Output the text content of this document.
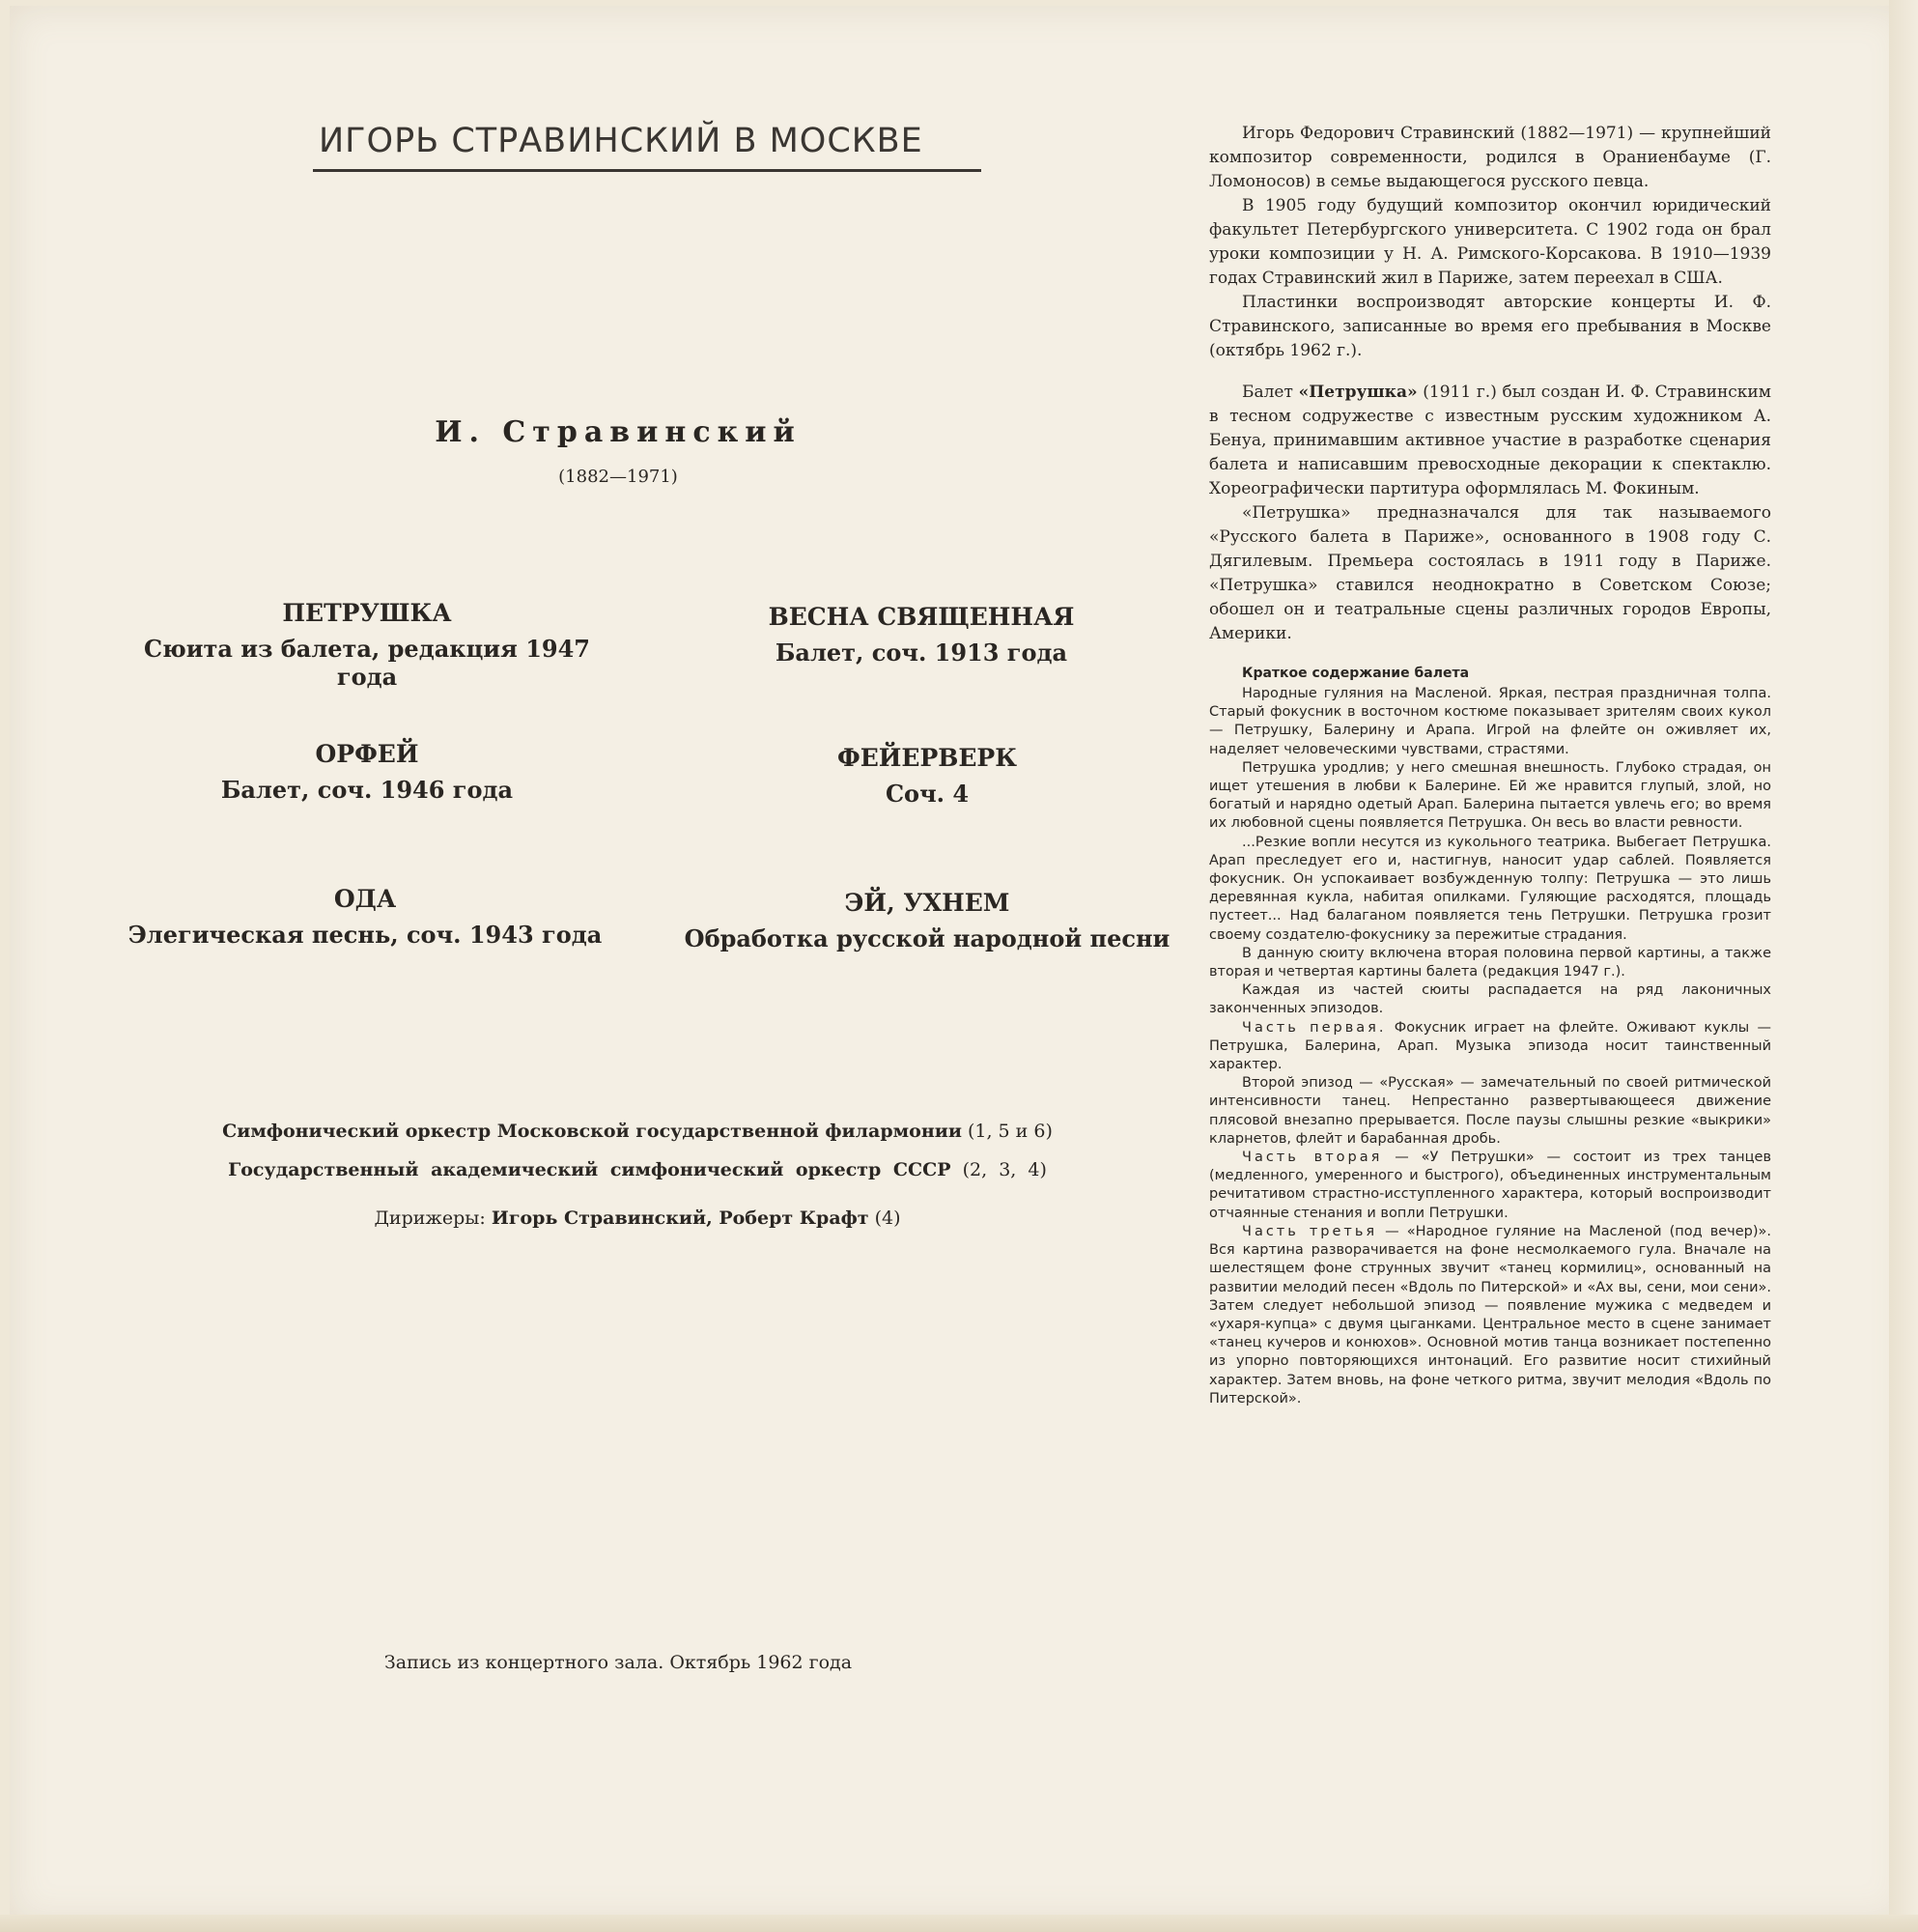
ИГОРЬ СТРАВИНСКИЙ В МОСКВЕ
И. Стравинский
(1882—1971)
ПЕТРУШКА
Сюита из балета, редакция 1947 года
ВЕСНА СВЯЩЕННАЯ
Балет, соч. 1913 года
ОРФЕЙ
Балет, соч. 1946 года
ФЕЙЕРВЕРК
Соч. 4
ОДА
Элегическая песнь, соч. 1943 года
ЭЙ, УХНЕМ
Обработка русской народной песни
Симфонический оркестр Московской государственной филармонии (1, 5 и 6)
Государственный академический симфонический оркестр СССР (2, 3, 4)
Дирижеры: Игорь Стравинский, Роберт Крафт (4)
Запись из концертного зала. Октябрь 1962 года

Игорь Федорович Стравинский (1882—1971) — крупнейший композитор современности, родился в Ораниенбауме (Г. Ломоносов) в семье выдающегося русского певца.

В 1905 году будущий композитор окончил юридический факультет Петербургского университета. С 1902 года он брал уроки композиции у Н. А. Римского-Корсакова. В 1910—1939 годах Стравинский жил в Париже, затем переехал в США.

Пластинки воспроизводят авторские концерты И. Ф. Стравинского, записанные во время его пребывания в Москве (октябрь 1962 г.).

Балет «Петрушка» (1911 г.) был создан И. Ф. Стравинским в тесном содружестве с известным русским художником А. Бенуа, принимавшим активное участие в разработке сценария балета и написавшим превосходные декорации к спектаклю. Хореографически партитура оформлялась М. Фокиным.

«Петрушка» предназначался для так называемого «Русского балета в Париже», основанного в 1908 году С. Дягилевым. Премьера состоялась в 1911 году в Париже. «Петрушка» ставился неоднократно в Советском Союзе; обошел он и театральные сцены различных городов Европы, Америки.

Краткое содержание балета

Народные гуляния на Масленой. Яркая, пестрая праздничная толпа. Старый фокусник в восточном костюме показывает зрителям своих кукол — Петрушку, Балерину и Арапа. Игрой на флейте он оживляет их, наделяет человеческими чувствами, страстями.

Петрушка уродлив; у него смешная внешность. Глубоко страдая, он ищет утешения в любви к Балерине. Ей же нравится глупый, злой, но богатый и нарядно одетый Арап. Балерина пытается увлечь его; во время их любовной сцены появляется Петрушка. Он весь во власти ревности.

...Резкие вопли несутся из кукольного театрика. Выбегает Петрушка. Арап преследует его и, настигнув, наносит удар саблей. Появляется фокусник. Он успокаивает возбужденную толпу: Петрушка — это лишь деревянная кукла, набитая опилками. Гуляющие расходятся, площадь пустеет... Над балаганом появляется тень Петрушки. Петрушка грозит своему создателю-фокуснику за пережитые страдания.

В данную сюиту включена вторая половина первой картины, а также вторая и четвертая картины балета (редакция 1947 г.).

Каждая из частей сюиты распадается на ряд лаконичных законченных эпизодов.

Часть первая. Фокусник играет на флейте. Оживают куклы — Петрушка, Балерина, Арап. Музыка эпизода носит таинственный характер.

Второй эпизод — «Русская» — замечательный по своей ритмической интенсивности танец. Непрестанно развертывающееся движение плясовой внезапно прерывается. После паузы слышны резкие «выкрики» кларнетов, флейт и барабанная дробь.

Часть вторая — «У Петрушки» — состоит из трех танцев (медленного, умеренного и быстрого), объединенных инструментальным речитативом страстно-исступленного характера, который воспроизводит отчаянные стенания и вопли Петрушки.

Часть третья — «Народное гуляние на Масленой (под вечер)». Вся картина разворачивается на фоне несмолкаемого гула. Вначале на шелестящем фоне струнных звучит «танец кормилиц», основанный на развитии мелодий песен «Вдоль по Питерской» и «Ах вы, сени, мои сени». Затем следует небольшой эпизод — появление мужика с медведем и «ухаря-купца» с двумя цыганками. Центральное место в сцене занимает «танец кучеров и конюхов». Основной мотив танца возникает постепенно из упорно повторяющихся интонаций. Его развитие носит стихийный характер. Затем вновь, на фоне четкого ритма, звучит мелодия «Вдоль по Питерской».
